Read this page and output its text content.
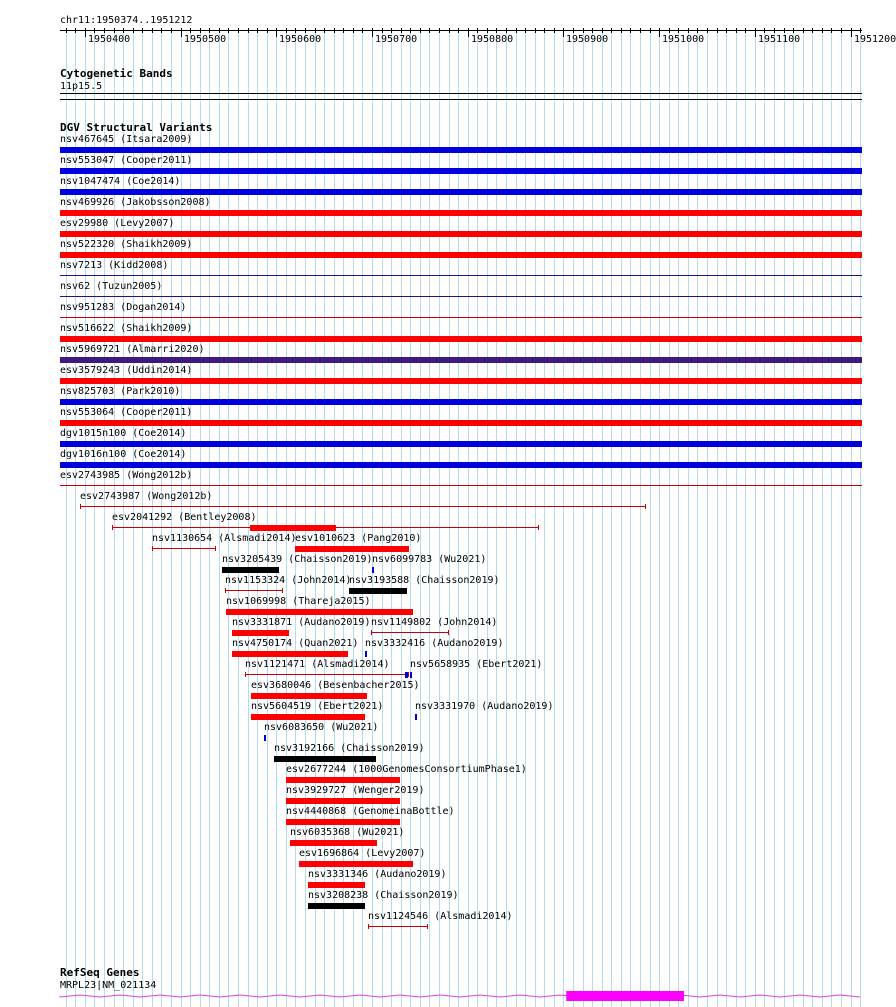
chr11:1950374..1951212
1950400	1950500	1950600	1950700	1950800	1950900	1951000	1951100	1951200
Cytogenetic Bands
11p15.5
DGV Structural Variants
nsv467645 (Itsara2009)
nsv553047 (Cooper2011)
nsv1047474 (Coe2014)
nsv469926 (Jakobsson2008)
esv29980 (Levy2007)
nsv522320 (Shaikh2009)
nsv7213 (Kidd2008)
nsv62 (Tuzun2005)
nsv951283 (Dogan2014)
nsv516622 (Shaikh2009)
nsv5969721 (Almarri2020)
esv3579243 (Uddin2014)
nsv825703 (Park2010)
nsv553064 (Cooper2011)
dgv1015n100 (Coe2014)
dgv1016n100 (Coe2014)
esv2743985 (Wong2012b)
esv2743987 (Wong2012b)
esv2041292 (Bentley2008)
nsv1130654 (Alsmadi2014)
esv1010623 (Pang2010)
nsv3205439 (Chaisson2019) nsv6099783 (Wu2021)
nsv1153324 (John2014)
nsv3193588 (Chaisson2019)
nsv1069998 (Thareja2015)
nsv3331871 (Audano2019) nsv1149802 (John2014)
nsv4750174 (Quan2021) nsv3332416 (Audano2019)
nsv1121471 (Alsmadi2014) nsv5658935 (Ebert2021)
esv3680046 (Besenbacher2015)
nsv5604519 (Ebert2021)	nsv3331970 (Audano2019)
nsv6083650 (Wu2021)
nsv3192166 (Chaisson2019)
esv2677244 (1000GenomesConsortiumPhase1)
nsv3929727 (Wenger2019)
nsv4440868 (GenomeinaBottle)
nsv6035368 (Wu2021)
esv1696864 (Levy2007)
nsv3331346 (Audano2019)
nsv3208238 (Chaisson2019)
nsv1124546 (Alsmadi2014)
RefSeq Genes
MRPL23|NM_021134
